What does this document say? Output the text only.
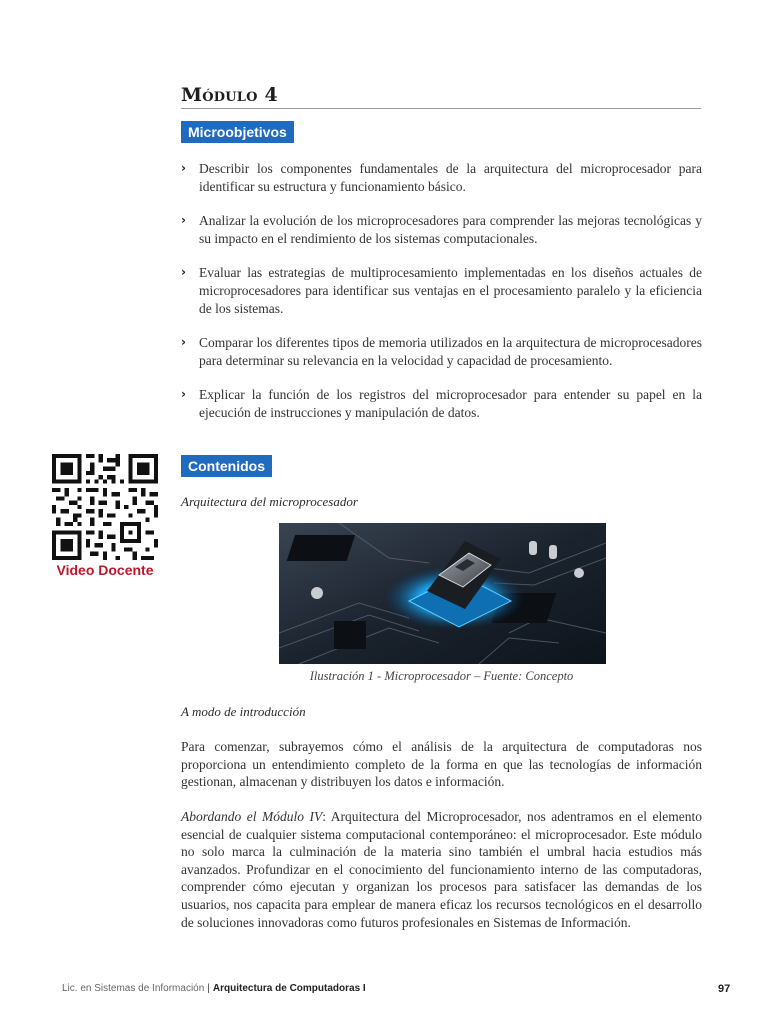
Módulo 4
Microobjetivos
› Describir los componentes fundamentales de la arquitectura del microprocesador para identificar su estructura y funcionamiento básico.
› Analizar la evolución de los microprocesadores para comprender las mejoras tecnológicas y su impacto en el rendimiento de los sistemas computacionales.
› Evaluar las estrategias de multiprocesamiento implementadas en los diseños actuales de microprocesadores para identificar sus ventajas en el procesamiento paralelo y la eficiencia de los sistemas.
› Comparar los diferentes tipos de memoria utilizados en la arquitectura de microprocesadores para determinar su relevancia en la velocidad y capacidad de procesamiento.
› Explicar la función de los registros del microprocesador para entender su papel en la ejecución de instrucciones y manipulación de datos.
Video Docente
Contenidos
Arquitectura del microprocesador
Ilustración 1 - Microprocesador – Fuente: Concepto
A modo de introducción
Para comenzar, subrayemos cómo el análisis de la arquitectura de computadoras nos proporciona un entendimiento completo de la forma en que las tecnologías de información gestionan, almacenan y distribuyen los datos e información.
Abordando el Módulo IV: Arquitectura del Microprocesador, nos adentramos en el elemento esencial de cualquier sistema computacional contemporáneo: el microprocesador. Este módulo no solo marca la culminación de la materia sino también el umbral hacia estudios más avanzados. Profundizar en el conocimiento del funcionamiento interno de las computadoras, comprender cómo ejecutan y organizan los procesos para satisfacer las demandas de los usuarios, nos capacita para emplear de manera eficaz los recursos tecnológicos en el desarrollo de soluciones innovadoras como futuros profesionales en Sistemas de Información.
Lic. en Sistemas de Información | Arquitectura de Computadoras I	97
